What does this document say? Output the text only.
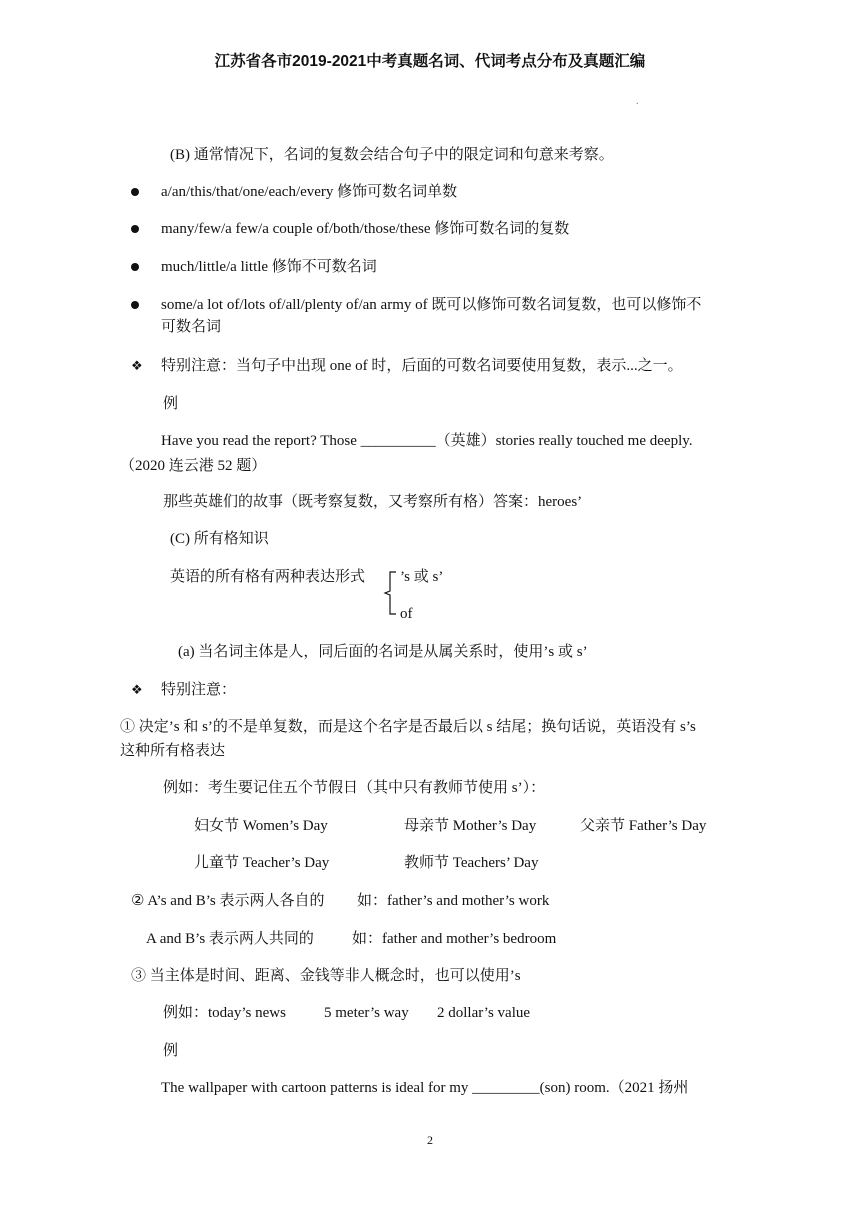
江苏省各市2019-2021中考真题名词、代词考点分布及真题汇编
.
(B) 通常情况下，名词的复数会结合句子中的限定词和句意来考察。
a/an/this/that/one/each/every 修饰可数名词单数
many/few/a few/a couple of/both/those/these 修饰可数名词的复数
much/little/a little 修饰不可数名词
some/a lot of/lots of/all/plenty of/an army of 既可以修饰可数名词复数，也可以修饰不
可数名词
❖ 特别注意：当句子中出现 one of 时，后面的可数名词要使用复数，表示...之一。
例
Have you read the report? Those __________（英雄）stories really touched me deeply.
（2020 连云港 52 题）
那些英雄们的故事（既考察复数，又考察所有格）答案：heroes’
(C) 所有格知识
英语的所有格有两种表达形式 ’s 或 s’
of
(a) 当名词主体是人，同后面的名词是从属关系时，使用’s 或 s’
❖ 特别注意：
① 决定’s 和 s’的不是单复数，而是这个名字是否最后以 s 结尾；换句话说，英语没有 s’s
这种所有格表达
例如：考生要记住五个节假日（其中只有教师节使用 s’）：
妇女节 Women’s Day	母亲节 Mother’s Day	父亲节 Father’s Day
儿童节 Teacher’s Day	教师节 Teachers’ Day
② A’s and B’s 表示两人各自的 如：father’s and mother’s work
A and B’s 表示两人共同的	如：father and mother’s bedroom
③ 当主体是时间、距离、金钱等非人概念时，也可以使用’s
例如：today’s news	5 meter’s way 2 dollar’s value
例
The wallpaper with cartoon patterns is ideal for my _________(son) room.（2021 扬州
2
